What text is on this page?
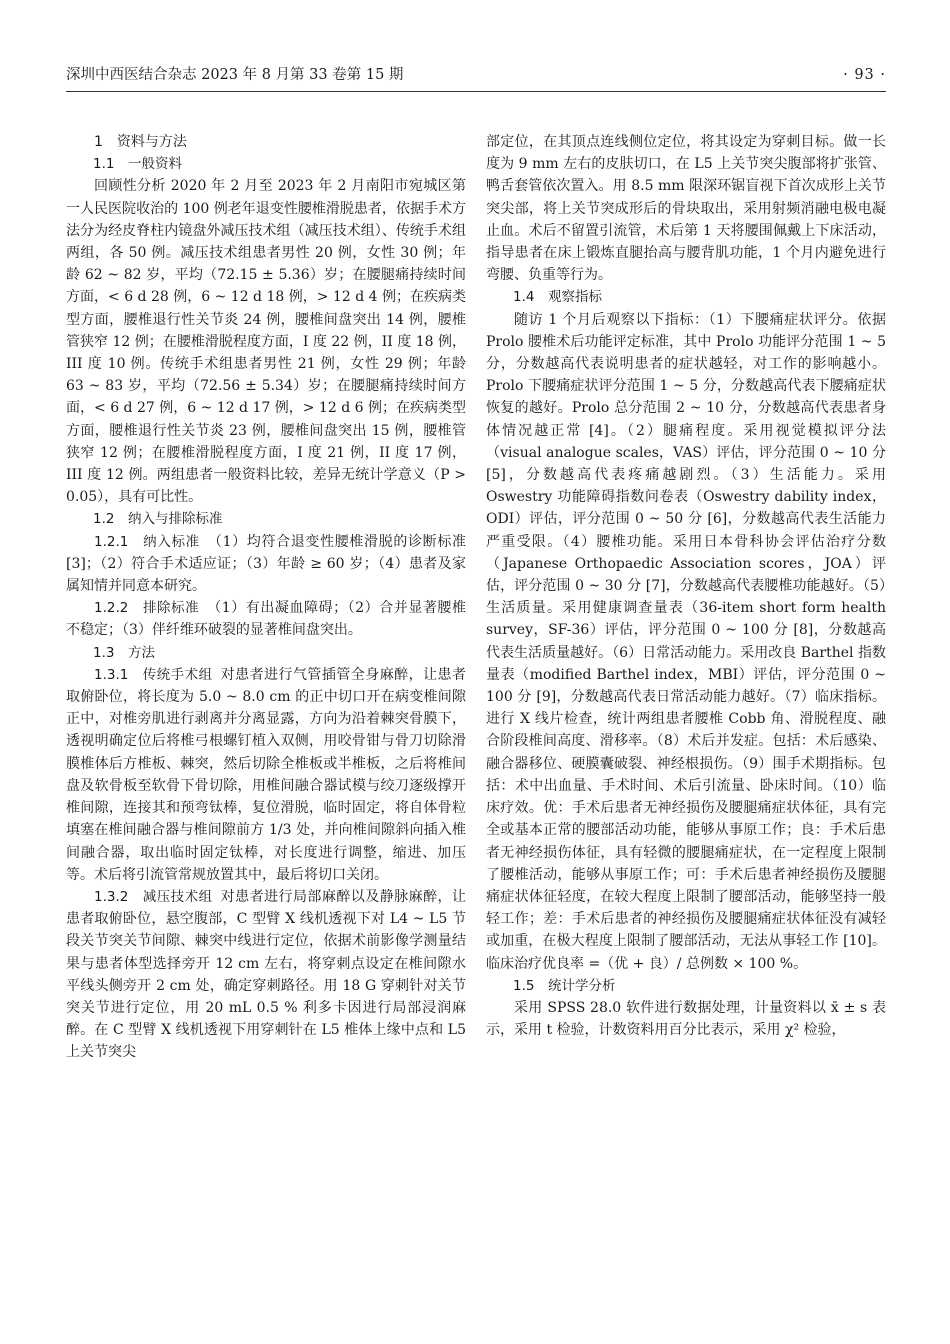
深圳中西医结合杂志 2023 年 8 月第 33 卷第 15 期	· 93 ·

1　资料与方法

1.1　一般资料

回顾性分析 2020 年 2 月至 2023 年 2 月南阳市宛城区第一人民医院收治的 100 例老年退变性腰椎滑脱患者，依据手术方法分为经皮脊柱内镜盘外减压技术组（减压技术组）、传统手术组两组，各 50 例。减压技术组患者男性 20 例，女性 30 例；年龄 62 ~ 82 岁，平均（72.15 ± 5.36）岁；在腰腿痛持续时间方面，< 6 d 28 例，6 ~ 12 d 18 例，> 12 d 4 例；在疾病类型方面，腰椎退行性关节炎 24 例，腰椎间盘突出 14 例，腰椎管狭窄 12 例；在腰椎滑脱程度方面，I 度 22 例，II 度 18 例，III 度 10 例。传统手术组患者男性 21 例，女性 29 例；年龄 63 ~ 83 岁，平均（72.56 ± 5.34）岁；在腰腿痛持续时间方面，< 6 d 27 例，6 ~ 12 d 17 例，> 12 d 6 例；在疾病类型方面，腰椎退行性关节炎 23 例，腰椎间盘突出 15 例，腰椎管狭窄 12 例；在腰椎滑脱程度方面，I 度 21 例，II 度 17 例，III 度 12 例。两组患者一般资料比较，差异无统计学意义（P > 0.05），具有可比性。

1.2　纳入与排除标准

1.2.1　纳入标准 （1）均符合退变性腰椎滑脱的诊断标准 [3]；（2）符合手术适应证；（3）年龄 ≥ 60 岁；（4）患者及家属知情并同意本研究。

1.2.2　排除标准 （1）有出凝血障碍；（2）合并显著腰椎不稳定；（3）伴纤维环破裂的显著椎间盘突出。

1.3　方法

1.3.1　传统手术组 对患者进行气管插管全身麻醉，让患者取俯卧位，将长度为 5.0 ~ 8.0 cm 的正中切口开在病变椎间隙正中，对椎旁肌进行剥离并分离显露，方向为沿着棘突骨膜下，透视明确定位后将椎弓根螺钉植入双侧，用咬骨钳与骨刀切除滑膜椎体后方椎板、棘突，然后切除全椎板或半椎板，之后将椎间盘及软骨板至软骨下骨切除，用椎间融合器试模与绞刀逐级撑开椎间隙，连接其和预弯钛棒，复位滑脱，临时固定，将自体骨粒填塞在椎间融合器与椎间隙前方 1/3 处，并向椎间隙斜向插入椎间融合器，取出临时固定钛棒，对长度进行调整，缩进、加压等。术后将引流管常规放置其中，最后将切口关闭。

1.3.2　减压技术组 对患者进行局部麻醉以及静脉麻醉，让患者取俯卧位，悬空腹部，C 型臂 X 线机透视下对 L4 ~ L5 节段关节突关节间隙、棘突中线进行定位，依据术前影像学测量结果与患者体型选择旁开 12 cm 左右，将穿刺点设定在椎间隙水平线头侧旁开 2 cm 处，确定穿刺路径。用 18 G 穿刺针对关节突关节进行定位，用 20 mL 0.5 % 利多卡因进行局部浸润麻醉。在 C 型臂 X 线机透视下用穿刺针在 L5 椎体上缘中点和 L5 上关节突尖

部定位，在其顶点连线侧位定位，将其设定为穿刺目标。做一长度为 9 mm 左右的皮肤切口，在 L5 上关节突尖腹部将扩张管、鸭舌套管依次置入。用 8.5 mm 限深环锯盲视下首次成形上关节突尖部，将上关节突成形后的骨块取出，采用射频消融电极电凝止血。术后不留置引流管，术后第 1 天将腰围佩戴上下床活动，指导患者在床上锻炼直腿抬高与腰背肌功能，1 个月内避免进行弯腰、负重等行为。

1.4　观察指标

随访 1 个月后观察以下指标：（1）下腰痛症状评分。依据 Prolo 腰椎术后功能评定标准，其中 Prolo 功能评分范围 1 ~ 5 分，分数越高代表说明患者的症状越轻，对工作的影响越小。Prolo 下腰痛症状评分范围 1 ~ 5 分，分数越高代表下腰痛症状恢复的越好。Prolo 总分范围 2 ~ 10 分，分数越高代表患者身体情况越正常 [4]。（2）腿痛程度。采用视觉模拟评分法（visual analogue scales，VAS）评估，评分范围 0 ~ 10 分 [5]，分数越高代表疼痛越剧烈。（3）生活能力。采用 Oswestry 功能障碍指数问卷表（Oswestry dability index，ODI）评估，评分范围 0 ~ 50 分 [6]，分数越高代表生活能力严重受限。（4）腰椎功能。采用日本骨科协会评估治疗分数（Japanese Orthopaedic Association scores，JOA）评估，评分范围 0 ~ 30 分 [7]，分数越高代表腰椎功能越好。（5）生活质量。采用健康调查量表（36-item short form health survey，SF-36）评估，评分范围 0 ~ 100 分 [8]，分数越高代表生活质量越好。（6）日常活动能力。采用改良 Barthel 指数量表（modified Barthel index，MBI）评估，评分范围 0 ~ 100 分 [9]，分数越高代表日常活动能力越好。（7）临床指标。进行 X 线片检查，统计两组患者腰椎 Cobb 角、滑脱程度、融合阶段椎间高度、滑移率。（8）术后并发症。包括：术后感染、融合器移位、硬膜囊破裂、神经根损伤。（9）围手术期指标。包括：术中出血量、手术时间、术后引流量、卧床时间。（10）临床疗效。优：手术后患者无神经损伤及腰腿痛症状体征，具有完全或基本正常的腰部活动功能，能够从事原工作；良：手术后患者无神经损伤体征，具有轻微的腰腿痛症状，在一定程度上限制了腰椎活动，能够从事原工作；可：手术后患者神经损伤及腰腿痛症状体征轻度，在较大程度上限制了腰部活动，能够坚持一般轻工作；差：手术后患者的神经损伤及腰腿痛症状体征没有减轻或加重，在极大程度上限制了腰部活动，无法从事轻工作 [10]。临床治疗优良率 =（优 + 良）/ 总例数 × 100 %。

1.5　统计学分析

采用 SPSS 28.0 软件进行数据处理，计量资料以 x̄ ± s 表示，采用 t 检验，计数资料用百分比表示，采用 χ² 检验，
